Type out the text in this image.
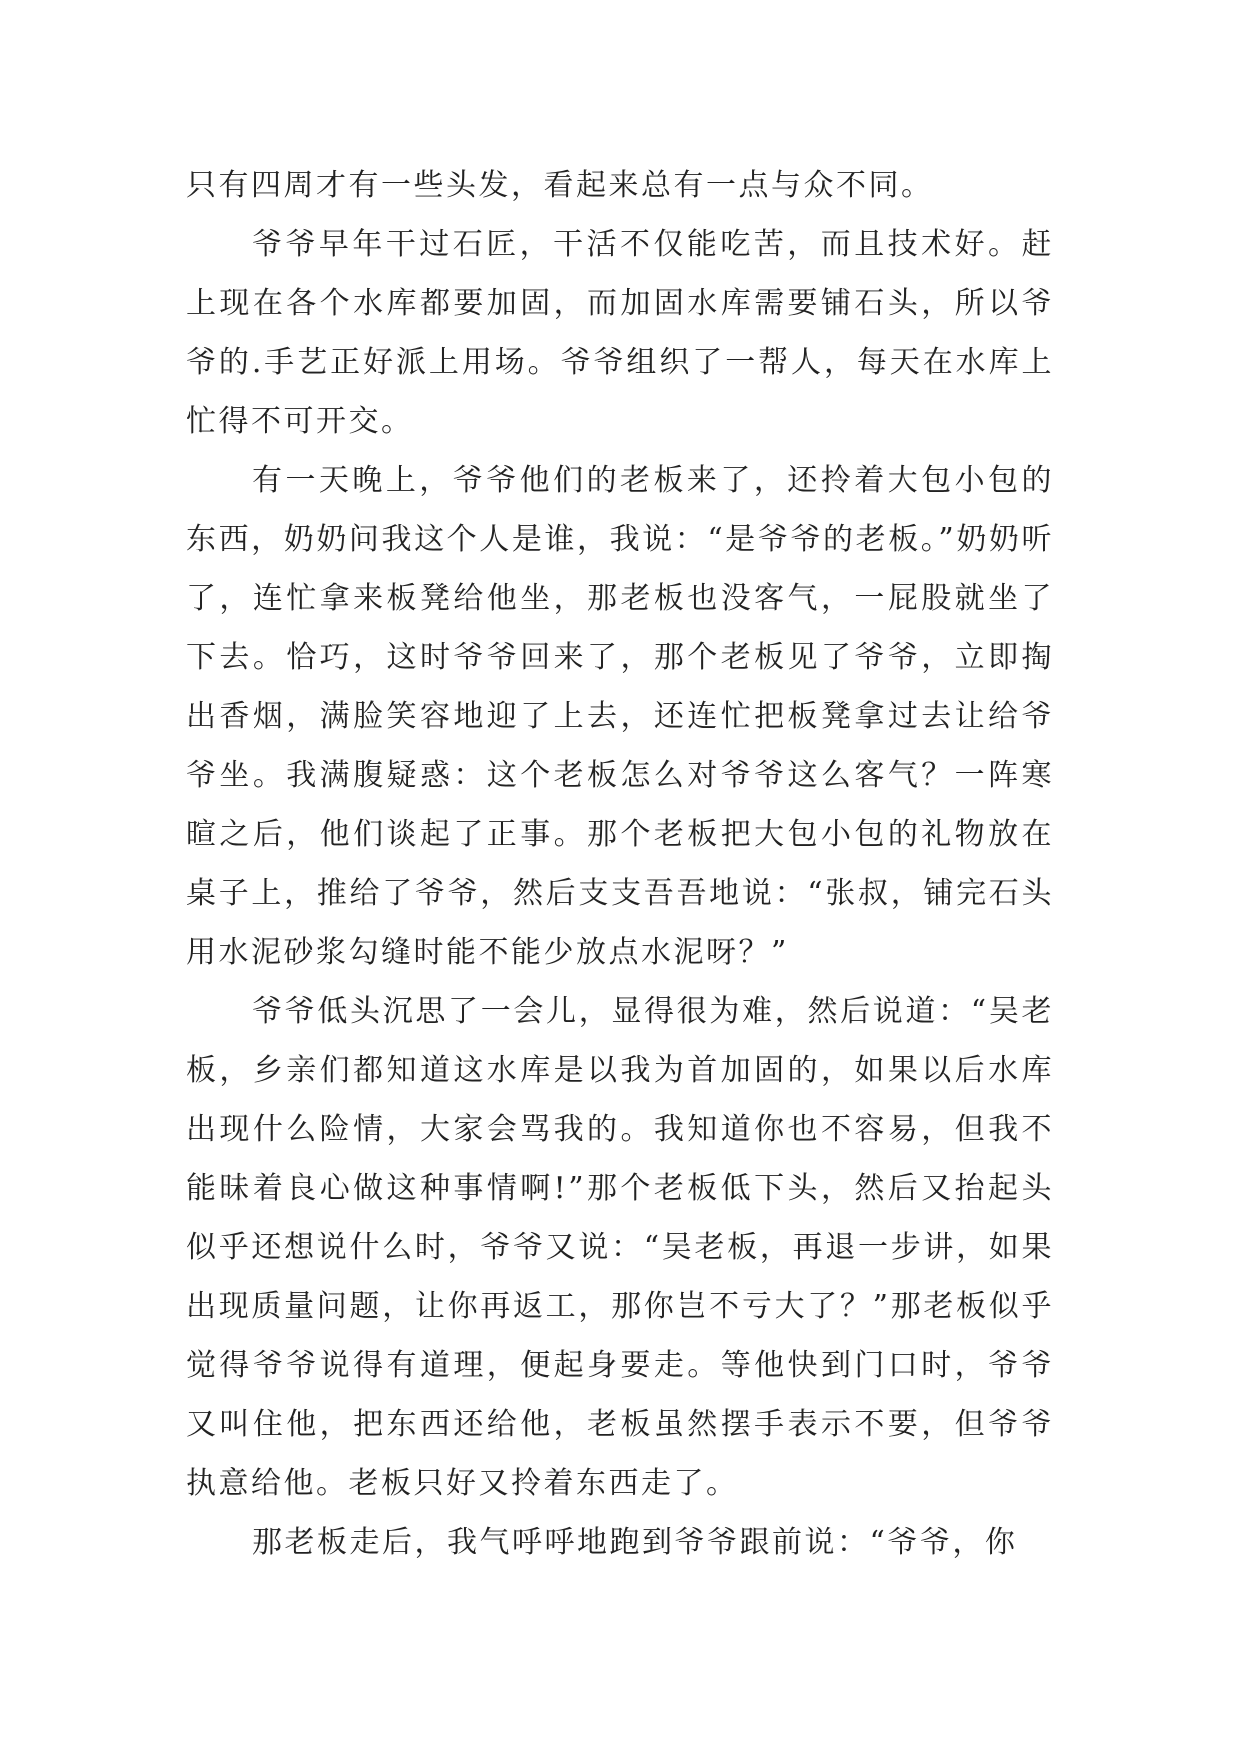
只有四周才有一些头发，看起来总有一点与众不同。

爷爷早年干过石匠，干活不仅能吃苦，而且技术好。赶上现在各个水库都要加固，而加固水库需要铺石头，所以爷爷的.手艺正好派上用场。爷爷组织了一帮人，每天在水库上忙得不可开交。

有一天晚上，爷爷他们的老板来了，还拎着大包小包的东西，奶奶问我这个人是谁，我说：“是爷爷的老板。”奶奶听了，连忙拿来板凳给他坐，那老板也没客气，一屁股就坐了下去。恰巧，这时爷爷回来了，那个老板见了爷爷，立即掏出香烟，满脸笑容地迎了上去，还连忙把板凳拿过去让给爷爷坐。我满腹疑惑：这个老板怎么对爷爷这么客气？一阵寒暄之后，他们谈起了正事。那个老板把大包小包的礼物放在桌子上，推给了爷爷，然后支支吾吾地说：“张叔，铺完石头用水泥砂浆勾缝时能不能少放点水泥呀？”

爷爷低头沉思了一会儿，显得很为难，然后说道：“吴老板，乡亲们都知道这水库是以我为首加固的，如果以后水库出现什么险情，大家会骂我的。我知道你也不容易，但我不能昧着良心做这种事情啊!”那个老板低下头，然后又抬起头似乎还想说什么时，爷爷又说：“吴老板，再退一步讲，如果出现质量问题，让你再返工，那你岂不亏大了？”那老板似乎觉得爷爷说得有道理，便起身要走。等他快到门口时，爷爷又叫住他，把东西还给他，老板虽然摆手表示不要，但爷爷执意给他。老板只好又拎着东西走了。

那老板走后，我气呼呼地跑到爷爷跟前说：“爷爷，你
